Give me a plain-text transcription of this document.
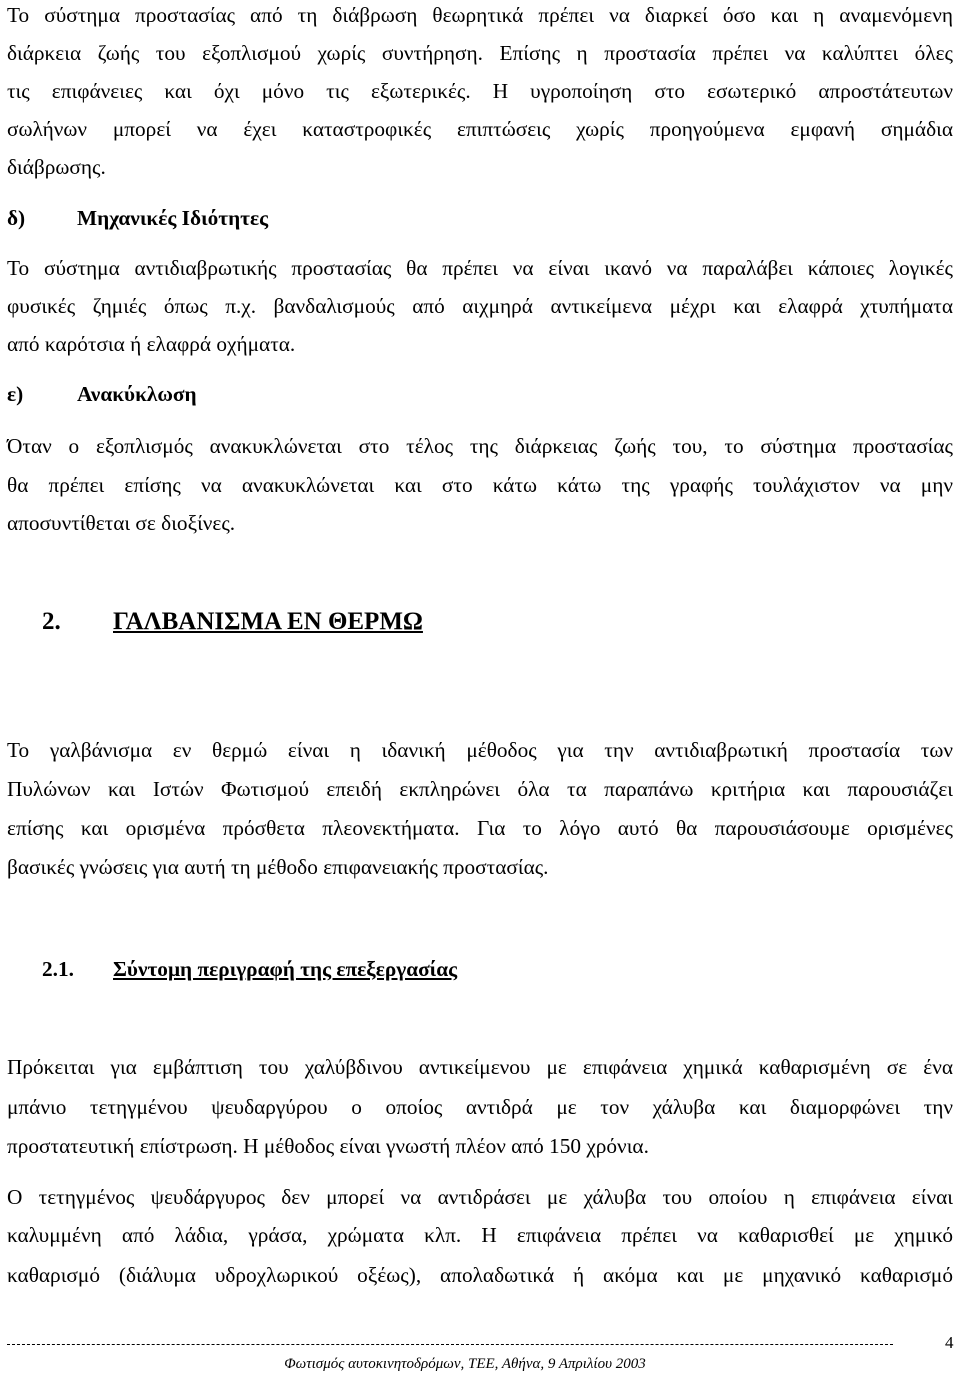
Το σύστημα προστασίας από τη διάβρωση θεωρητικά πρέπει να διαρκεί όσο και η αναμενόμενη
διάρκεια ζωής του εξοπλισμού χωρίς συντήρηση. Επίσης η προστασία πρέπει να καλύπτει όλες
τις επιφάνειες και όχι μόνο τις εξωτερικές. Η υγροποίηση στο εσωτερικό απροστάτευτων
σωλήνων μπορεί να έχει καταστροφικές επιπτώσεις χωρίς προηγούμενα εμφανή σημάδια
διάβρωσης.
δ) Μηχανικές Ιδιότητες
Το σύστημα αντιδιαβρωτικής προστασίας θα πρέπει να είναι ικανό να παραλάβει κάποιες λογικές
φυσικές ζημιές όπως π.χ. βανδαλισμούς από αιχμηρά αντικείμενα μέχρι και ελαφρά χτυπήματα
από καρότσια ή ελαφρά οχήματα.
ε)	Ανακύκλωση
Όταν ο εξοπλισμός ανακυκλώνεται στο τέλος της διάρκειας ζωής του, το σύστημα προστασίας
θα πρέπει επίσης να ανακυκλώνεται και στο κάτω κάτω της γραφής τουλάχιστον να μην
αποσυντίθεται σε διοξίνες.
2. ΓΑΛΒΑΝΙΣΜΑ ΕΝ ΘΕΡΜΩ
Το γαλβάνισμα εν θερμώ είναι η ιδανική μέθοδος για την αντιδιαβρωτική προστασία των
Πυλώνων και Ιστών Φωτισμού επειδή εκπληρώνει όλα τα παραπάνω κριτήρια και παρουσιάζει
επίσης και ορισμένα πρόσθετα πλεονεκτήματα. Για το λόγο αυτό θα παρουσιάσουμε ορισμένες
βασικές γνώσεις για αυτή τη μέθοδο επιφανειακής προστασίας.
2.1. Σύντομη περιγραφή της επεξεργασίας
Πρόκειται για εμβάπτιση του χαλύβδινου αντικείμενου με επιφάνεια χημικά καθαρισμένη σε ένα
μπάνιο τετηγμένου ψευδαργύρου ο οποίος αντιδρά με τον χάλυβα και διαμορφώνει την
προστατευτική επίστρωση. Η μέθοδος είναι γνωστή πλέον από 150 χρόνια.
Ο τετηγμένος ψευδάργυρος δεν μπορεί να αντιδράσει με χάλυβα του οποίου η επιφάνεια είναι
καλυμμένη από λάδια, γράσα, χρώματα κλπ. Η επιφάνεια πρέπει να καθαρισθεί με χημικό
καθαρισμό (διάλυμα υδροχλωρικού οξέως), απολαδωτικά ή ακόμα και με μηχανικό καθαρισμό
4
Φωτισμός αυτοκινητοδρόμων, ΤΕΕ, Αθήνα, 9 Απριλίου 2003
